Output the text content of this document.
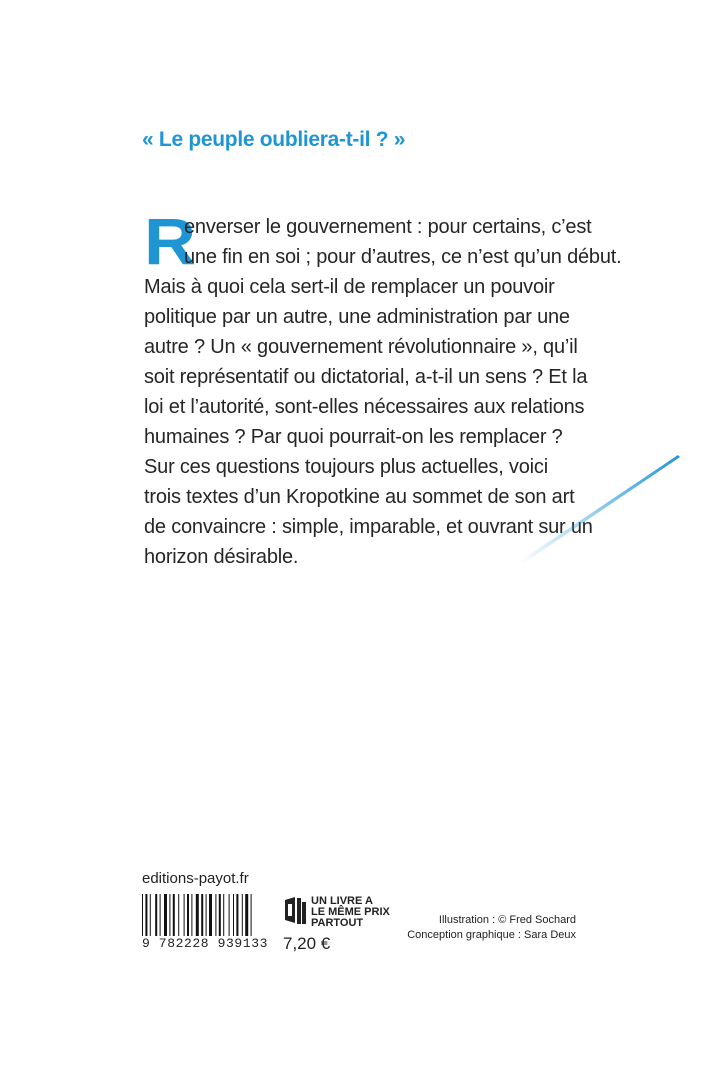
« Le peuple oubliera-t-il ? »
R
enverser le gouvernement : pour certains, c’est
une fin en soi ; pour d’autres, ce n’est qu’un début.
Mais à quoi cela sert-il de remplacer un pouvoir
politique par un autre, une administration par une
autre ? Un « gouvernement révolutionnaire », qu’il
soit représentatif ou dictatorial, a-t-il un sens ? Et la
loi et l’autorité, sont-elles nécessaires aux relations
humaines ? Par quoi pourrait-on les remplacer ?
Sur ces questions toujours plus actuelles, voici
trois textes d’un Kropotkine au sommet de son art
de convaincre : simple, imparable, et ouvrant sur un
horizon désirable.
editions-payot.fr
9 782228 939133
UN LIVRE A
LE MÊME PRIX
PARTOUT
7,20 €
Illustration : © Fred Sochard
Conception graphique : Sara Deux
